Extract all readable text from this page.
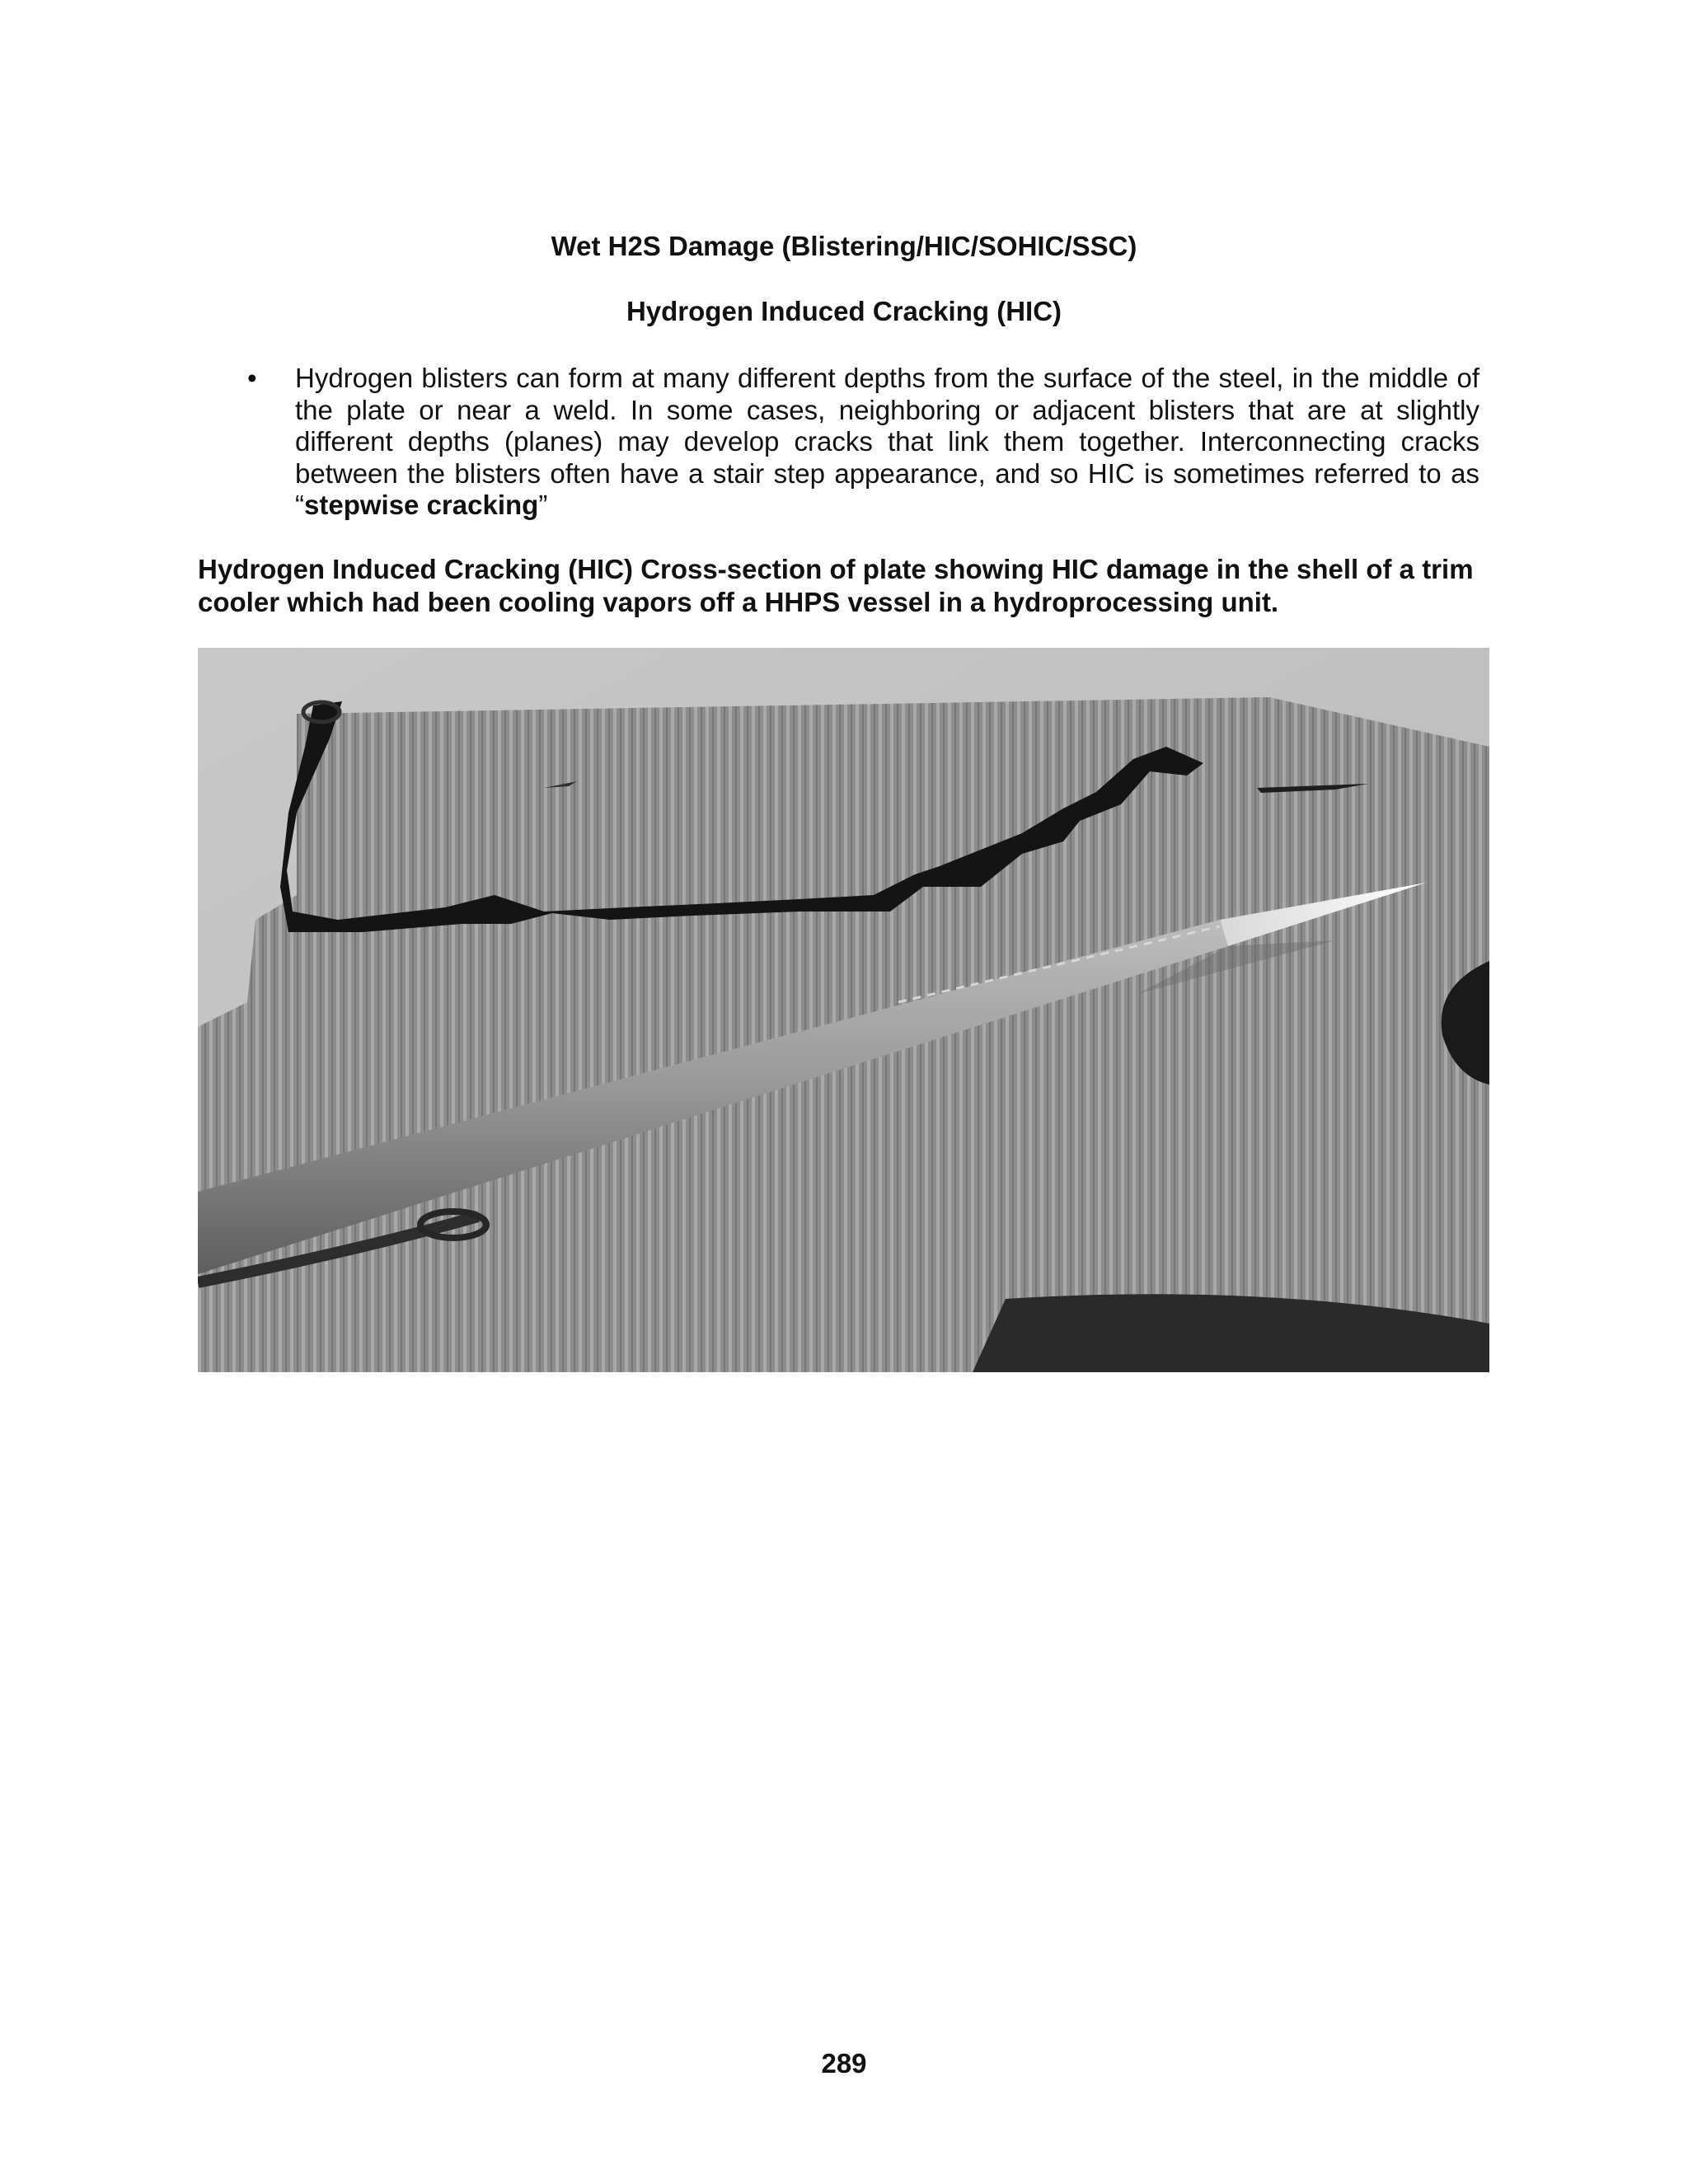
Wet H2S Damage (Blistering/HIC/SOHIC/SSC)
Hydrogen Induced Cracking (HIC)
•	Hydrogen blisters can form at many different depths from the surface of the steel, in the middle of the plate or near a weld. In some cases, neighboring or adjacent blisters that are at slightly different depths (planes) may develop cracks that link them together. Interconnecting cracks between the blisters often have a stair step appearance, and so HIC is sometimes referred to as “stepwise cracking”

Hydrogen Induced Cracking (HIC) Cross-section of plate showing HIC damage in the shell of a trim cooler which had been cooling vapors off a HHPS vessel in a hydroprocessing unit.

289
